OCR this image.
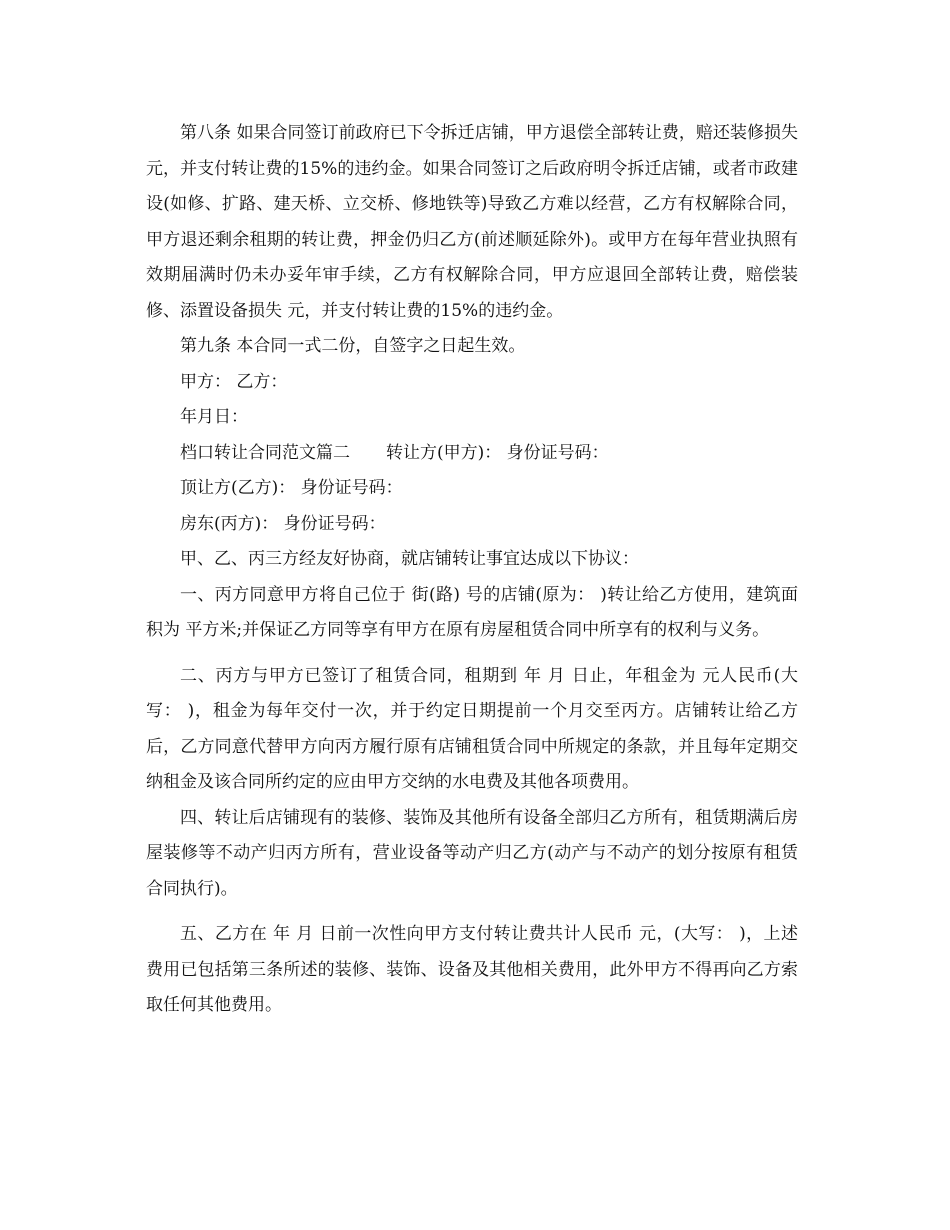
第八条 如果合同签订前政府已下令拆迁店铺，甲方退偿全部转让费，赔还装修损失 元，并支付转让费的15%的违约金。如果合同签订之后政府明令拆迁店铺，或者市政建设(如修、扩路、建天桥、立交桥、修地铁等)导致乙方难以经营，乙方有权解除合同，甲方退还剩余租期的转让费，押金仍归乙方(前述顺延除外)。或甲方在每年营业执照有效期届满时仍未办妥年审手续，乙方有权解除合同，甲方应退回全部转让费，赔偿装修、添置设备损失 元，并支付转让费的15%的违约金。

第九条 本合同一式二份，自签字之日起生效。

甲方： 乙方：

年月日：

档口转让合同范文篇二 转让方(甲方)： 身份证号码：

顶让方(乙方)： 身份证号码：

房东(丙方)： 身份证号码：

甲、乙、丙三方经友好协商，就店铺转让事宜达成以下协议：

一、丙方同意甲方将自己位于 街(路) 号的店铺(原为： )转让给乙方使用，建筑面积为 平方米;并保证乙方同等享有甲方在原有房屋租赁合同中所享有的权利与义务。

二、丙方与甲方已签订了租赁合同，租期到 年 月 日止，年租金为 元人民币(大写： )，租金为每年交付一次，并于约定日期提前一个月交至丙方。店铺转让给乙方后，乙方同意代替甲方向丙方履行原有店铺租赁合同中所规定的条款，并且每年定期交纳租金及该合同所约定的应由甲方交纳的水电费及其他各项费用。

四、转让后店铺现有的装修、装饰及其他所有设备全部归乙方所有，租赁期满后房屋装修等不动产归丙方所有，营业设备等动产归乙方(动产与不动产的划分按原有租赁合同执行)。

五、乙方在 年 月 日前一次性向甲方支付转让费共计人民币 元，(大写： )，上述费用已包括第三条所述的装修、装饰、设备及其他相关费用，此外甲方不得再向乙方索取任何其他费用。
